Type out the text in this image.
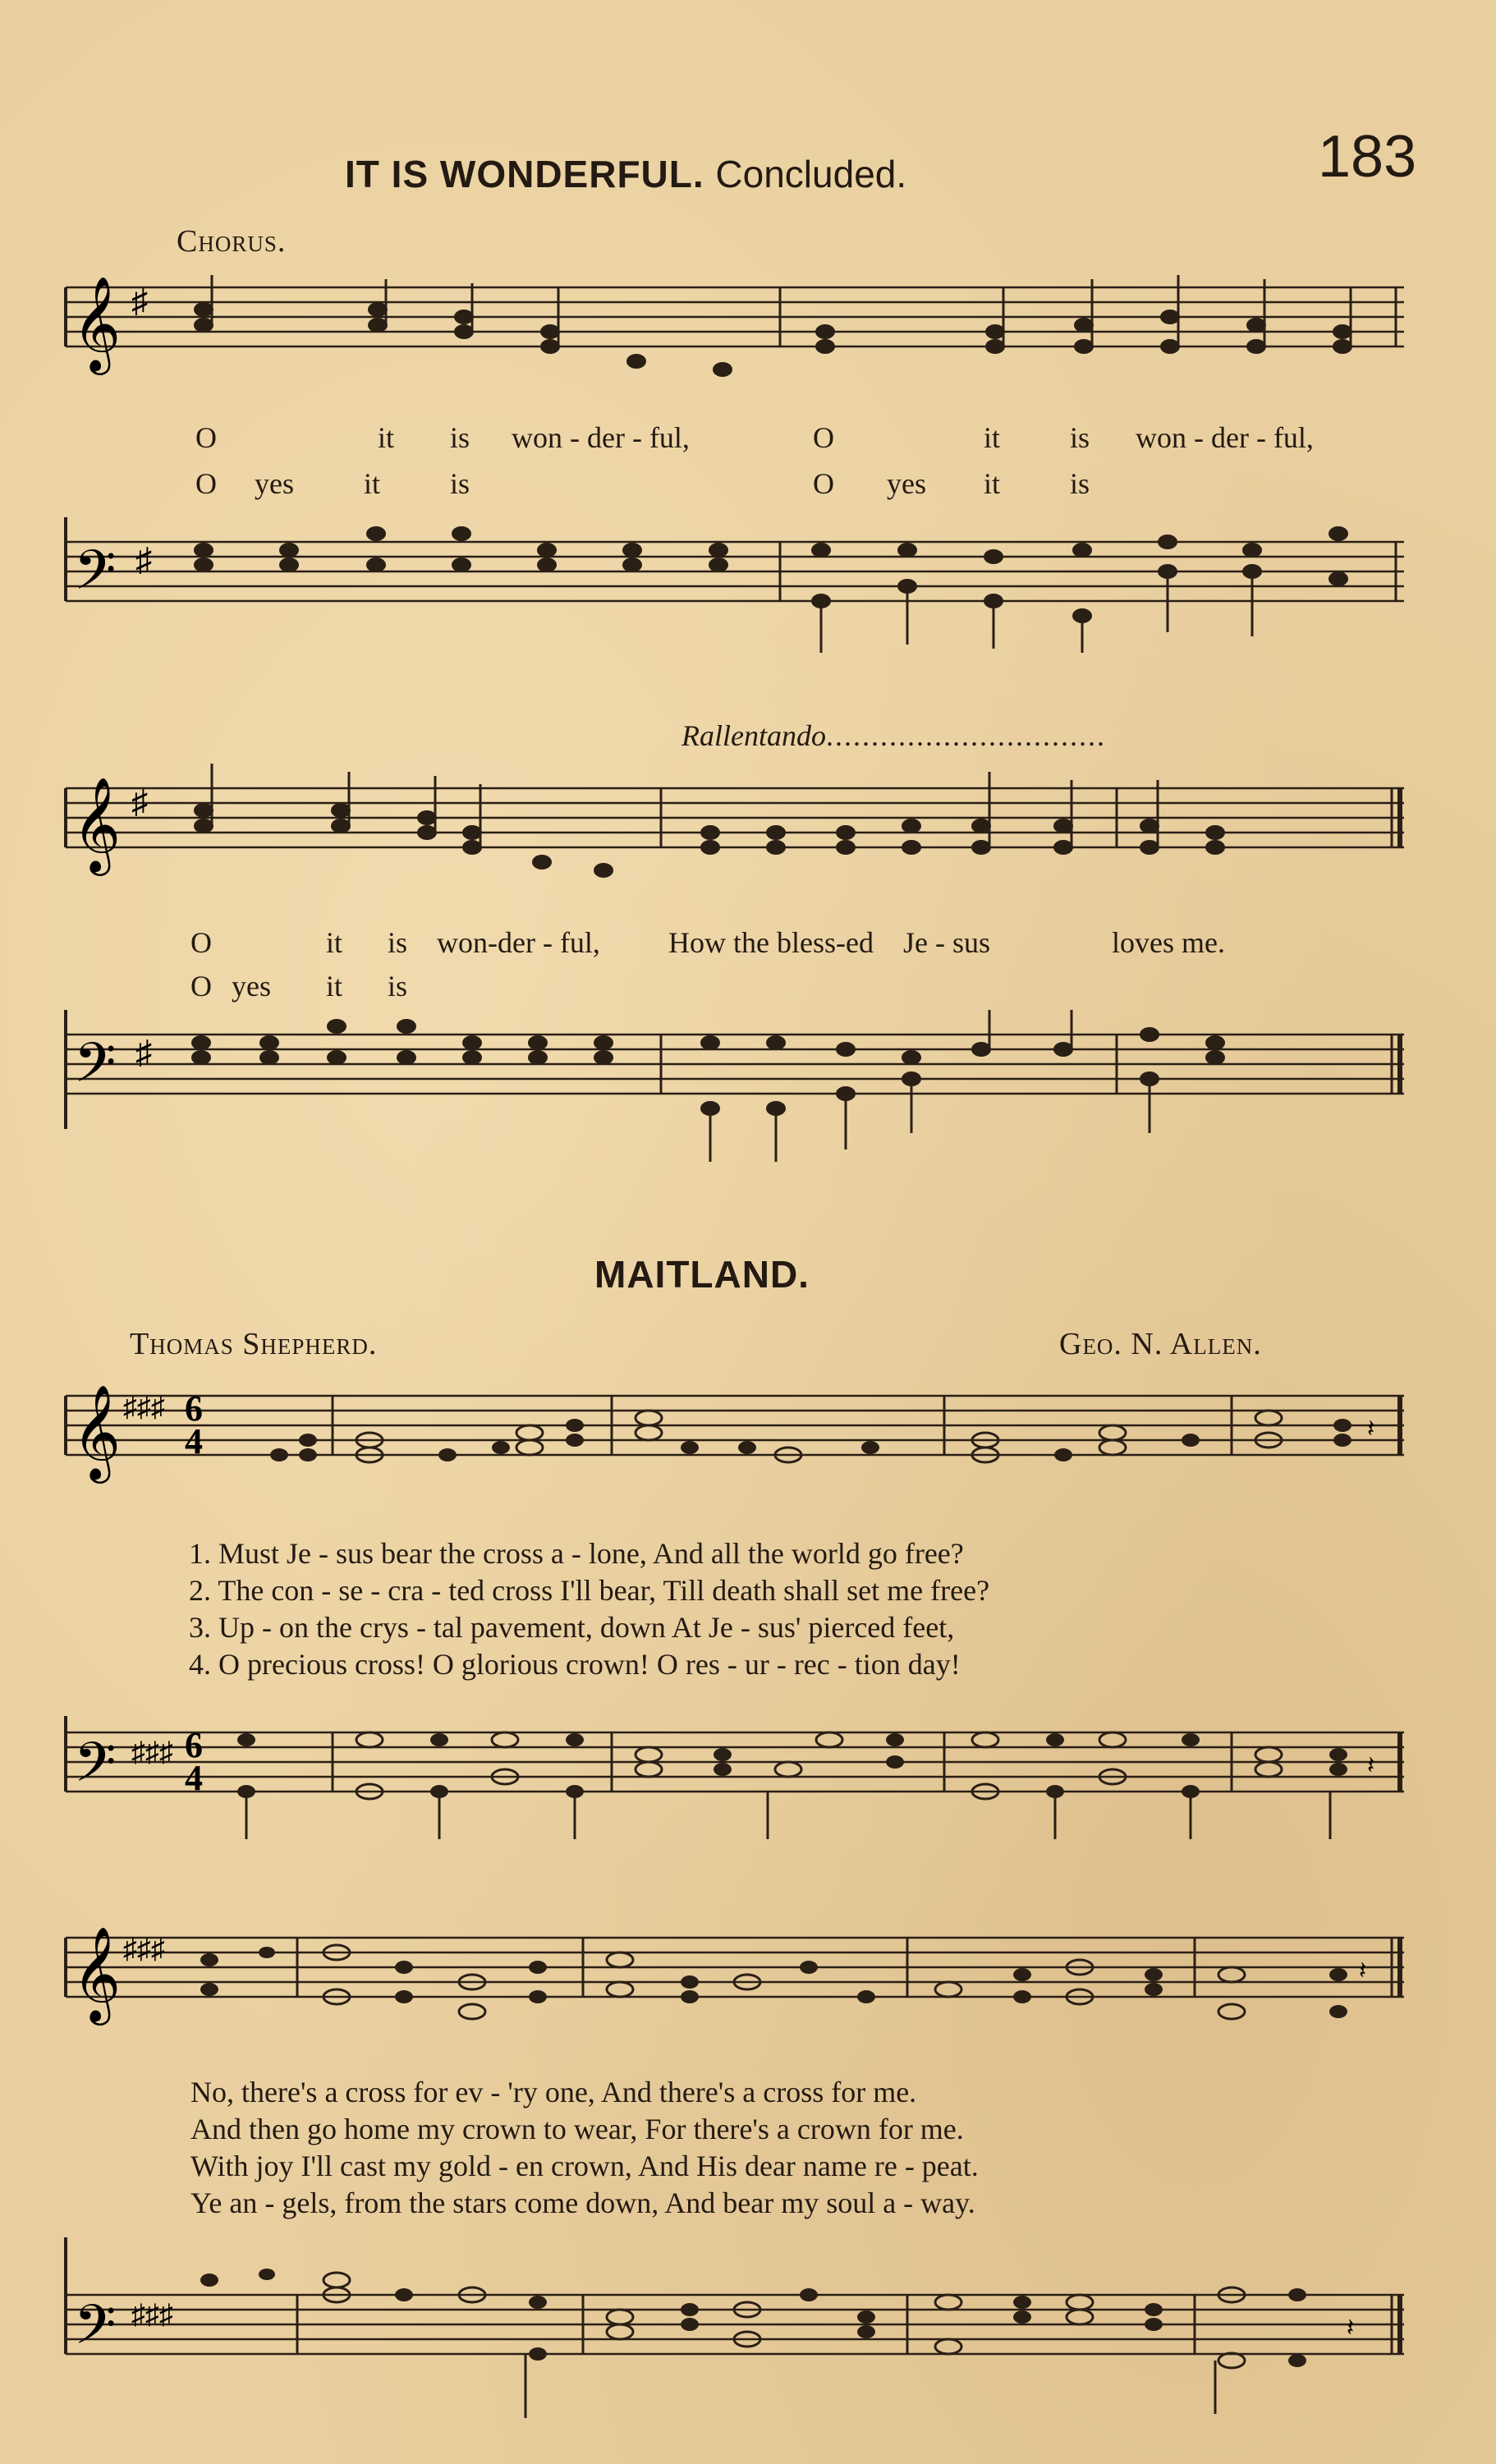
183
IT IS WONDERFUL. Concluded.
Chorus.
𝄞 ♯
O	it is won - der - ful,	O	it is won - der - ful,
O yes it is	O yes it is
𝄢 ♯
Rallentando...............................
𝄞 ♯
O	it is won-der - ful, How the bless-ed Je - sus	loves me.
O yes it is
𝄢 ♯
MAITLAND.
Thomas Shepherd.	Geo. N. Allen.
𝄞 ♯♯♯ 6
4	𝄽
1. Must Je - sus bear the cross a - lone, And all the world go free?
2. The con - se - cra - ted cross I'll bear, Till death shall set me free?
3. Up - on the crys - tal pavement, down At Je - sus' pierced feet,
4. O precious cross! O glorious crown! O res - ur - rec - tion day!
𝄢 ♯♯♯ 6
4	𝄽
𝄞 ♯♯♯
𝄽
No, there's a cross for ev - 'ry one, And there's a cross for me.
And then go home my crown to wear, For there's a crown for me.
With joy I'll cast my gold - en crown, And His dear name re - peat.
Ye an - gels, from the stars come down, And bear my soul a - way.
𝄢 ♯♯♯	𝄽
